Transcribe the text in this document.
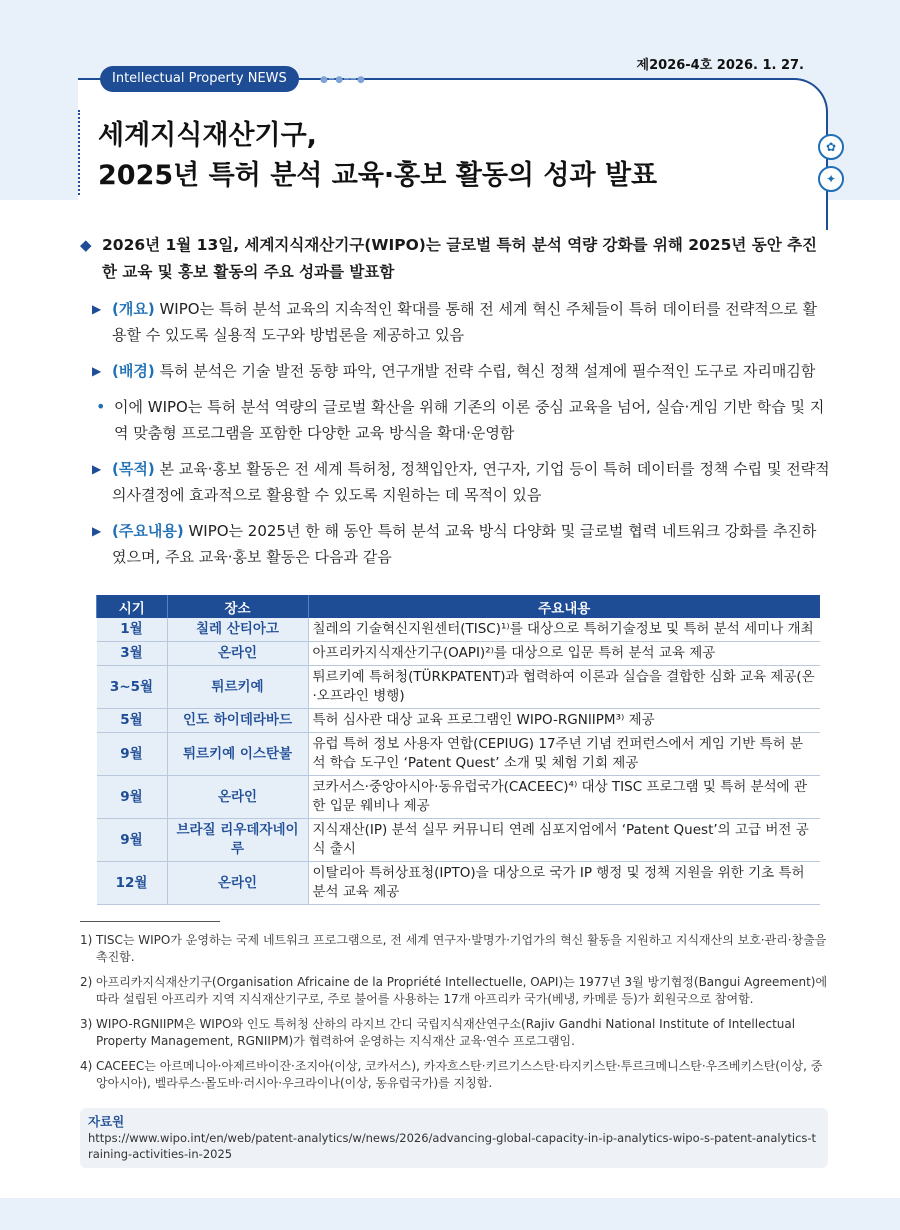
Intellectual Property NEWS	●━●━━●
제2026-4호 2026. 1. 27.
세계지식재산기구,
2025년 특허 분석 교육·홍보 활동의 성과 발표
✿
✦
◆ 2026년 1월 13일, 세계지식재산기구(WIPO)는 글로벌 특허 분석 역량 강화를 위해 2025년 동안 추진한 교육 및 홍보 활동의 주요 성과를 발표함
▶ (개요) WIPO는 특허 분석 교육의 지속적인 확대를 통해 전 세계 혁신 주체들이 특허 데이터를 전략적으로 활용할 수 있도록 실용적 도구와 방법론을 제공하고 있음
▶ (배경) 특허 분석은 기술 발전 동향 파악, 연구개발 전략 수립, 혁신 정책 설계에 필수적인 도구로 자리매김함
• 이에 WIPO는 특허 분석 역량의 글로벌 확산을 위해 기존의 이론 중심 교육을 넘어, 실습·게임 기반 학습 및 지역 맞춤형 프로그램을 포함한 다양한 교육 방식을 확대·운영함
▶ (목적) 본 교육·홍보 활동은 전 세계 특허청, 정책입안자, 연구자, 기업 등이 특허 데이터를 정책 수립 및 전략적 의사결정에 효과적으로 활용할 수 있도록 지원하는 데 목적이 있음
▶ (주요내용) WIPO는 2025년 한 해 동안 특허 분석 교육 방식 다양화 및 글로벌 협력 네트워크 강화를 추진하였으며, 주요 교육·홍보 활동은 다음과 같음
시기	장소	주요내용
1월	칠레 산티아고	칠레의 기술혁신지원센터(TISC)¹⁾를 대상으로 특허기술정보 및 특허 분석 세미나 개최
3월	온라인	아프리카지식재산기구(OAPI)²⁾를 대상으로 입문 특허 분석 교육 제공
3~5월	튀르키예	튀르키예 특허청(TÜRKPATENT)과 협력하여 이론과 실습을 결합한 심화 교육 제공(온·오프라인 병행)
5월	인도 하이데라바드	특허 심사관 대상 교육 프로그램인 WIPO-RGNIIPM³⁾ 제공
9월	튀르키예 이스탄불	유럽 특허 정보 사용자 연합(CEPIUG) 17주년 기념 컨퍼런스에서 게임 기반 특허 분석 학습 도구인 ‘Patent Quest’ 소개 및 체험 기회 제공
9월	온라인	코카서스·중앙아시아·동유럽국가(CACEEC)⁴⁾ 대상 TISC 프로그램 및 특허 분석에 관한 입문 웨비나 제공
9월	브라질 리우데자네이루	지식재산(IP) 분석 실무 커뮤니티 연례 심포지엄에서 ‘Patent Quest’의 고급 버전 공식 출시
12월	온라인	이탈리아 특허상표청(IPTO)을 대상으로 국가 IP 행정 및 정책 지원을 위한 기초 특허 분석 교육 제공
1) TISC는 WIPO가 운영하는 국제 네트워크 프로그램으로, 전 세계 연구자·발명가·기업가의 혁신 활동을 지원하고 지식재산의 보호·관리·창출을 촉진함.
2) 아프리카지식재산기구(Organisation Africaine de la Propriété Intellectuelle, OAPI)는 1977년 3월 방기협정(Bangui Agreement)에 따라 설립된 아프리카 지역 지식재산기구로, 주로 불어를 사용하는 17개 아프리카 국가(베냉, 카메룬 등)가 회원국으로 참여함.
3) WIPO-RGNIIPM은 WIPO와 인도 특허청 산하의 라지브 간디 국립지식재산연구소(Rajiv Gandhi National Institute of Intellectual Property Management, RGNIIPM)가 협력하여 운영하는 지식재산 교육·연수 프로그램임.
4) CACEEC는 아르메니아·아제르바이잔·조지아(이상, 코카서스), 카자흐스탄·키르기스스탄·타지키스탄·투르크메니스탄·우즈베키스탄(이상, 중앙아시아), 벨라루스·몰도바·러시아·우크라이나(이상, 동유럽국가)를 지칭함.
자료원
https://www.wipo.int/en/web/patent-analytics/w/news/2026/advancing-global-capacity-in-ip-analytics-wipo-s-patent-analytics-training-activities-in-2025
